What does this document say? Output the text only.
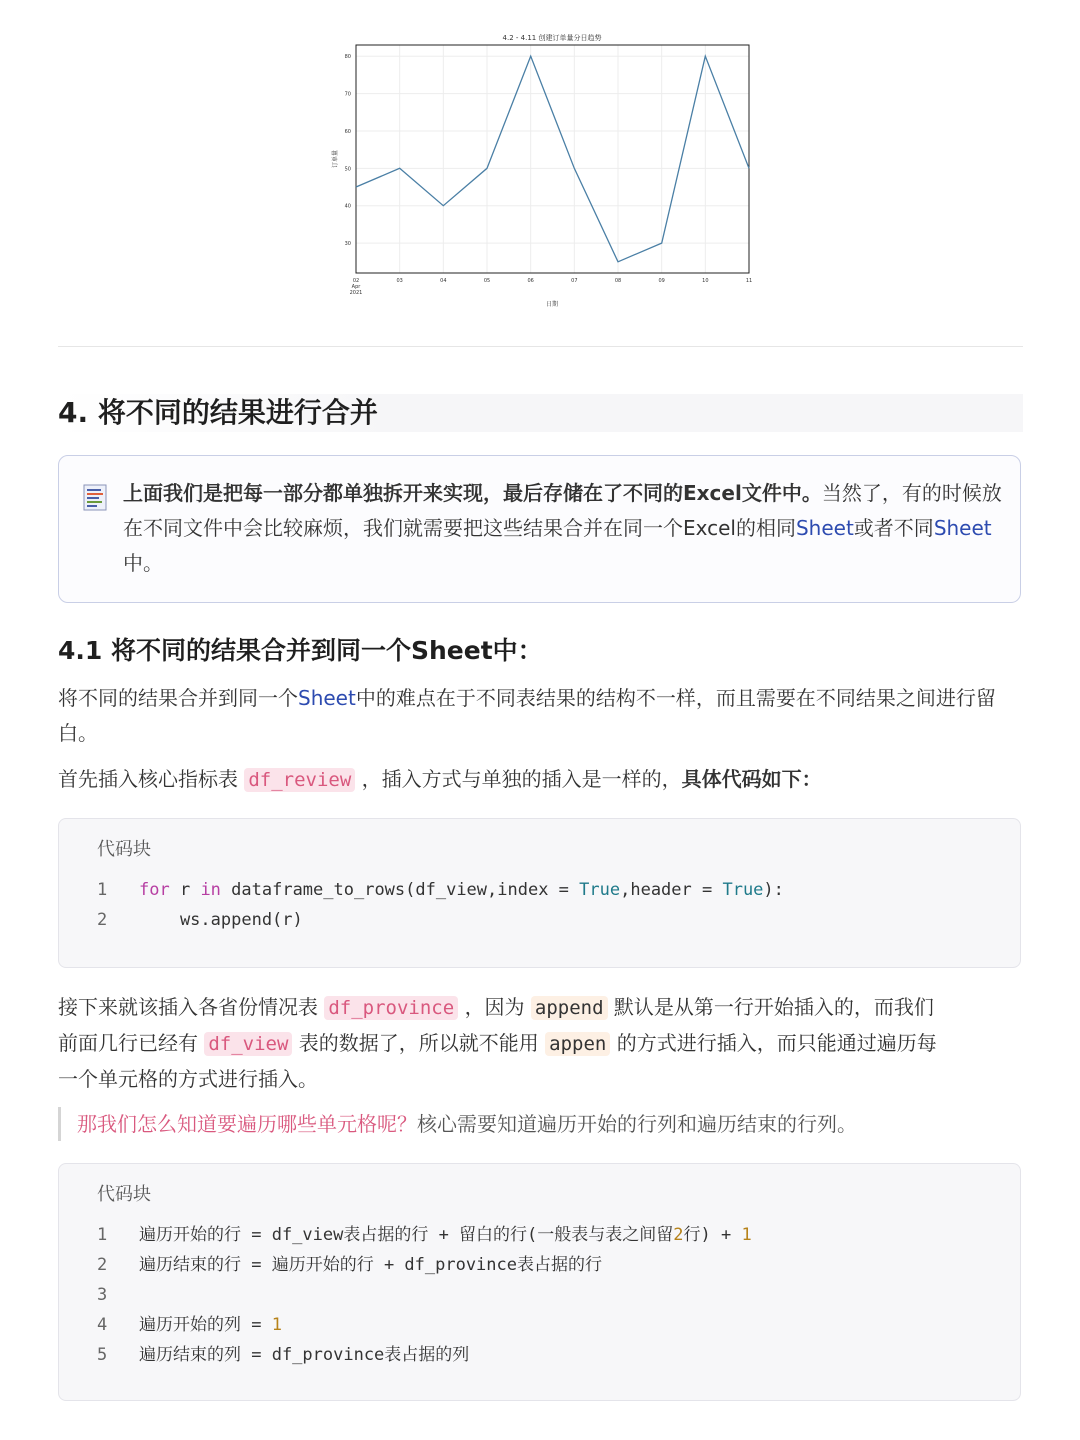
30
40
50
60
70
80
02 Apr 2021
03	04	05	06	07	08	09	10	11
4.2 - 4.11 创建订单量分日趋势
日期
订单量
4. 将不同的结果进行合并
上面我们是把每一部分都单独拆开来实现，最后存储在了不同的Excel文件中。当然了，有的时候放在不同文件中会比较麻烦，我们就需要把这些结果合并在同一个Excel的相同Sheet或者不同Sheet中。
4.1 将不同的结果合并到同一个Sheet中：
将不同的结果合并到同一个Sheet中的难点在于不同表结果的结构不一样，而且需要在不同结果之间进行留白。
首先插入核心指标表 df_review ，插入方式与单独的插入是一样的，具体代码如下：
代码块
1 for r in dataframe_to_rows(df_view,index = True,header = True):
2    ws.append(r)
接下来就该插入各省份情况表 df_province ，因为 append 默认是从第一行开始插入的，而我们
前面几行已经有 df_view 表的数据了，所以就不能用 appen 的方式进行插入，而只能通过遍历每
一个单元格的方式进行插入。
那我们怎么知道要遍历哪些单元格呢？核心需要知道遍历开始的行列和遍历结束的行列。
代码块
1 遍历开始的行 = df_view表占据的行 + 留白的行(一般表与表之间留2行) + 1
2 遍历结束的行 = 遍历开始的行 + df_province表占据的行
3
4 遍历开始的列 = 1
5 遍历结束的列 = df_province表占据的列
